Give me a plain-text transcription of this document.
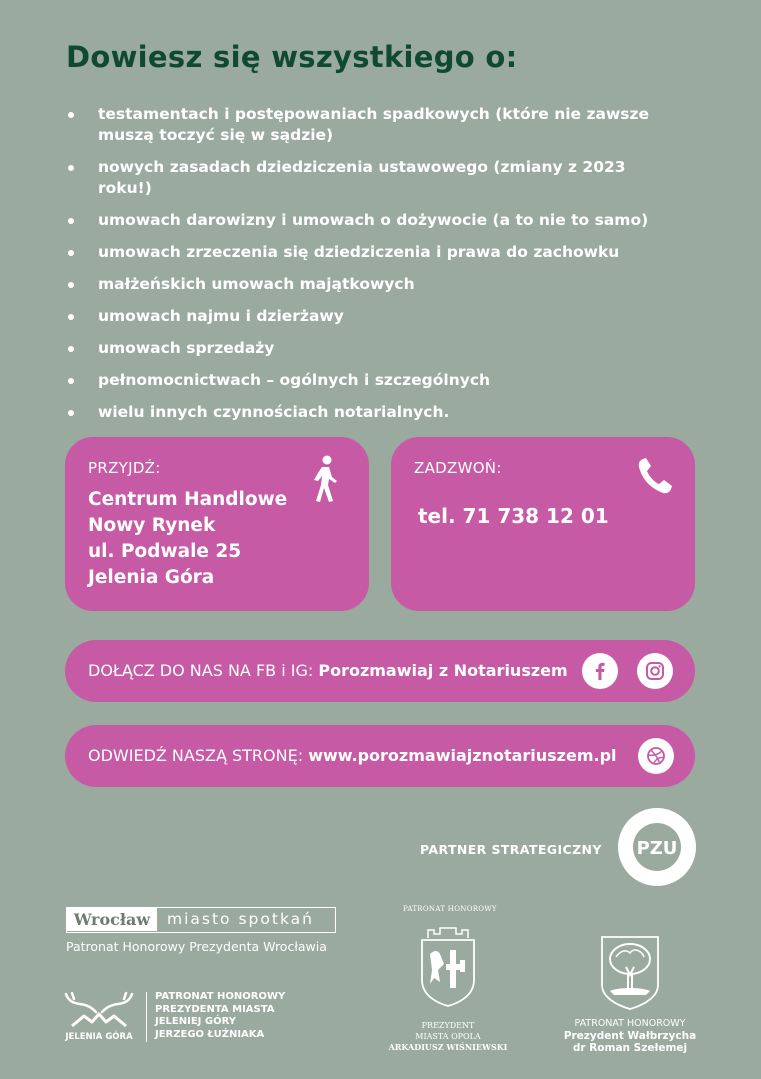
Dowiesz się wszystkiego o:
testamentach i postępowaniach spadkowych (które nie zawsze muszą toczyć się w sądzie)
nowych zasadach dziedziczenia ustawowego (zmiany z 2023 roku!)
umowach darowizny i umowach o dożywocie (a to nie to samo)
umowach zrzeczenia się dziedziczenia i prawa do zachowku
małżeńskich umowach majątkowych
umowach najmu i dzierżawy
umowach sprzedaży
pełnomocnictwach – ogólnych i szczególnych
wielu innych czynnościach notarialnych.
PRZYJDŹ:
Centrum Handlowe
Nowy Rynek
ul. Podwale 25
Jelenia Góra
ZADZWOŃ:
tel. 71 738 12 01
DOŁĄCZ DO NAS NA FB i IG: Porozmawiaj z Notariuszem
ODWIEDŹ NASZĄ STRONĘ: www.porozmawiajznotariuszem.pl
PARTNER STRATEGICZNY PZU
Wrocław	miasto spotkań
Patronat Honorowy Prezydenta Wrocławia
JELENIA GÓRA
PATRONAT HONOROWY
PREZYDENTA MIASTA
JELENIEJ GÓRY
JERZEGO ŁUŹNIAKA
PATRONAT HONOROWY
PREZYDENT
MIASTA OPOLA
ARKADIUSZ WIŚNIEWSKI
PATRONAT HONOROWY
Prezydent Wałbrzycha
dr Roman Szełemej
